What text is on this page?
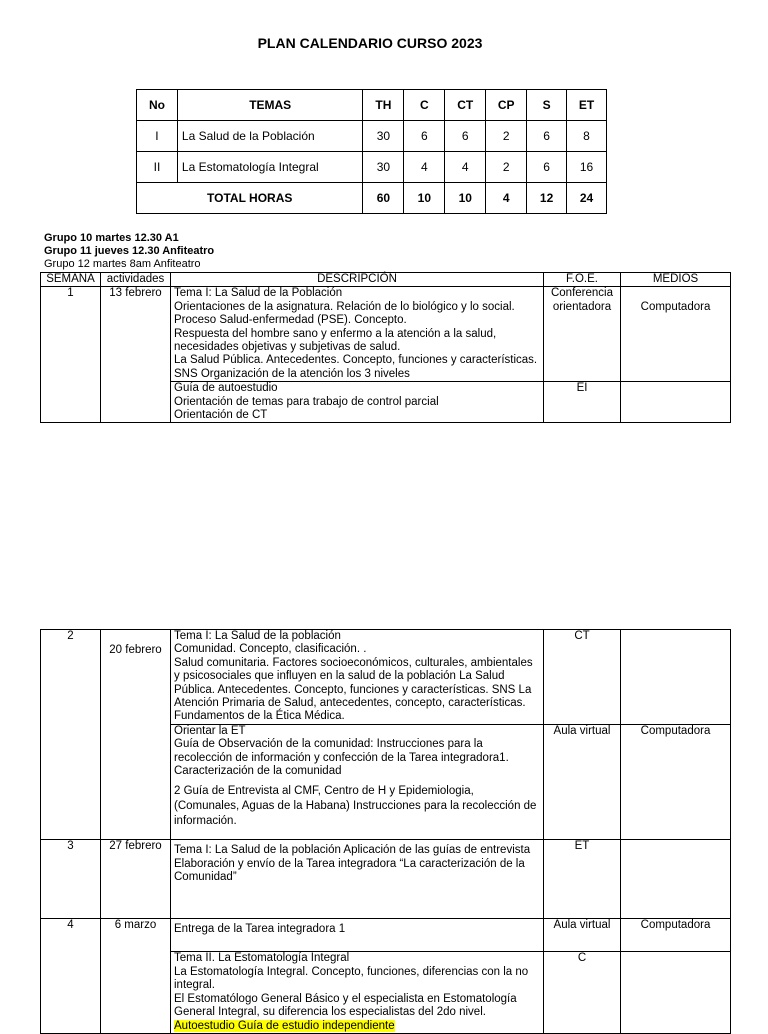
PLAN CALENDARIO CURSO 2023
No	TEMAS	TH	C	CT	CP	S	ET
I	La Salud de la Población	30	6	6	2	6	8
II	La Estomatología Integral	30	4	4	2	6	16
TOTAL HORAS		60	10	10	4	12	24
Grupo 10 martes 12.30 A1
Grupo 11 jueves 12.30 Anfiteatro
Grupo 12 martes 8am Anfiteatro
SEMANA	actividades	DESCRIPCIÓN	F.O.E.	MEDIOS
1	13 febrero	Tema I: La Salud de la Población
Orientaciones de la asignatura. Relación de lo biológico y lo social.
Proceso Salud-enfermedad (PSE). Concepto.
Respuesta del hombre sano y enfermo a la atención a la salud, necesidades objetivas y subjetivas de salud.
La Salud Pública. Antecedentes. Concepto, funciones y características. SNS Organización de la atención los 3 niveles	Conferencia orientadora	Computadora

		Guía de autoestudio
Orientación de temas para trabajo de control parcial
Orientación de CT	EI	
2	20 febrero	Tema I: La Salud de la población
Comunidad. Concepto, clasificación. .
Salud comunitaria. Factores socioeconómicos, culturales, ambientales y psicosociales que influyen en la salud de la población La Salud Pública. Antecedentes. Concepto, funciones y características. SNS La Atención Primaria de Salud, antecedentes, concepto, características.
Fundamentos de la Ética Médica.	CT	

		Orientar la ET
Guía de Observación de la comunidad: Instrucciones para la recolección de información y confección de la Tarea integradora1. Caracterización de la comunidad
2 Guía de Entrevista al CMF, Centro de H y Epidemiologia, (Comunales, Aguas de la Habana) Instrucciones para la recolección de información.	Aula virtual	Computadora
3	27 febrero	Tema I: La Salud de la población Aplicación de las guías de entrevista
Elaboración y envío de la Tarea integradora “La caracterización de la Comunidad”	ET	
4	6 marzo	Entrega de la Tarea integradora 1	Aula virtual	Computadora

		Tema II. La Estomatología Integral
La Estomatología Integral. Concepto, funciones, diferencias con la no integral.
El Estomatólogo General Básico y el especialista en Estomatología General Integral, su diferencia los especialistas del 2do nivel.
Autoestudio Guía de estudio independiente	C	
